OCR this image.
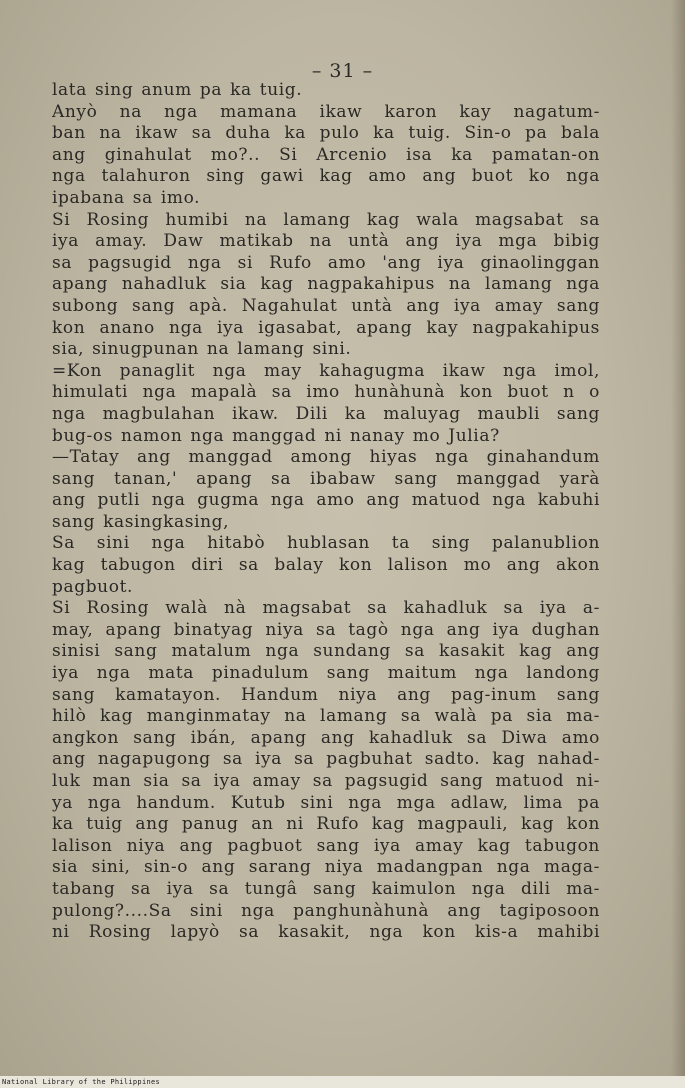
– 31 –
lata sing anum pa ka tuig.
Anyò na nga mamana ikaw karon kay nagatum-
ban na ikaw sa duha ka pulo ka tuig. Sin-o pa bala
ang ginahulat mo?.. Si Arcenio isa ka pamatan-on
nga talahuron sing gawi kag amo ang buot ko nga
ipabana sa imo.
Si Rosing humibi na lamang kag wala magsabat sa
iya amay. Daw matikab na untà ang iya mga bibig
sa pagsugid nga si Rufo amo 'ang iya ginaolinggan
apang nahadluk sia kag nagpakahipus na lamang nga
subong sang apà. Nagahulat untà ang iya amay sang
kon anano nga iya igasabat, apang kay nagpakahipus
sia, sinugpunan na lamang sini.
=Kon panaglit nga may kahagugma ikaw nga imol,
himulati nga mapalà sa imo hunàhunà kon buot n o
nga magbulahan ikaw. Dili ka maluyag maubli sang
bug-os namon nga manggad ni nanay mo Julia?
—Tatay ang manggad among hiyas nga ginahandum
sang tanan,' apang sa ibabaw sang manggad yarà
ang putli nga gugma nga amo ang matuod nga kabuhi
sang kasingkasing,
Sa sini nga hitabò hublasan ta sing palanublion
kag tabugon diri sa balay kon lalison mo ang akon
pagbuot.
Si Rosing walà nà magsabat sa kahadluk sa iya a-
may, apang binatyag niya sa tagò nga ang iya dughan
sinisi sang matalum nga sundang sa kasakit kag ang
iya nga mata pinadulum sang maitum nga landong
sang kamatayon. Handum niya ang pag-inum sang
hilò kag manginmatay na lamang sa walà pa sia ma-
angkon sang ibán, apang ang kahadluk sa Diwa amo
ang nagapugong sa iya sa pagbuhat sadto. kag nahad-
luk man sia sa iya amay sa pagsugid sang matuod ni-
ya nga handum. Kutub sini nga mga adlaw, lima pa
ka tuig ang panug an ni Rufo kag magpauli, kag kon
lalison niya ang pagbuot sang iya amay kag tabugon
sia sini, sin-o ang sarang niya madangpan nga maga-
tabang sa iya sa tungâ sang kaimulon nga dili ma-
pulong?....Sa sini nga panghunàhunà ang tagiposoon
ni Rosing lapyò sa kasakit, nga kon kis-a mahibi
National Library of the Philippines
